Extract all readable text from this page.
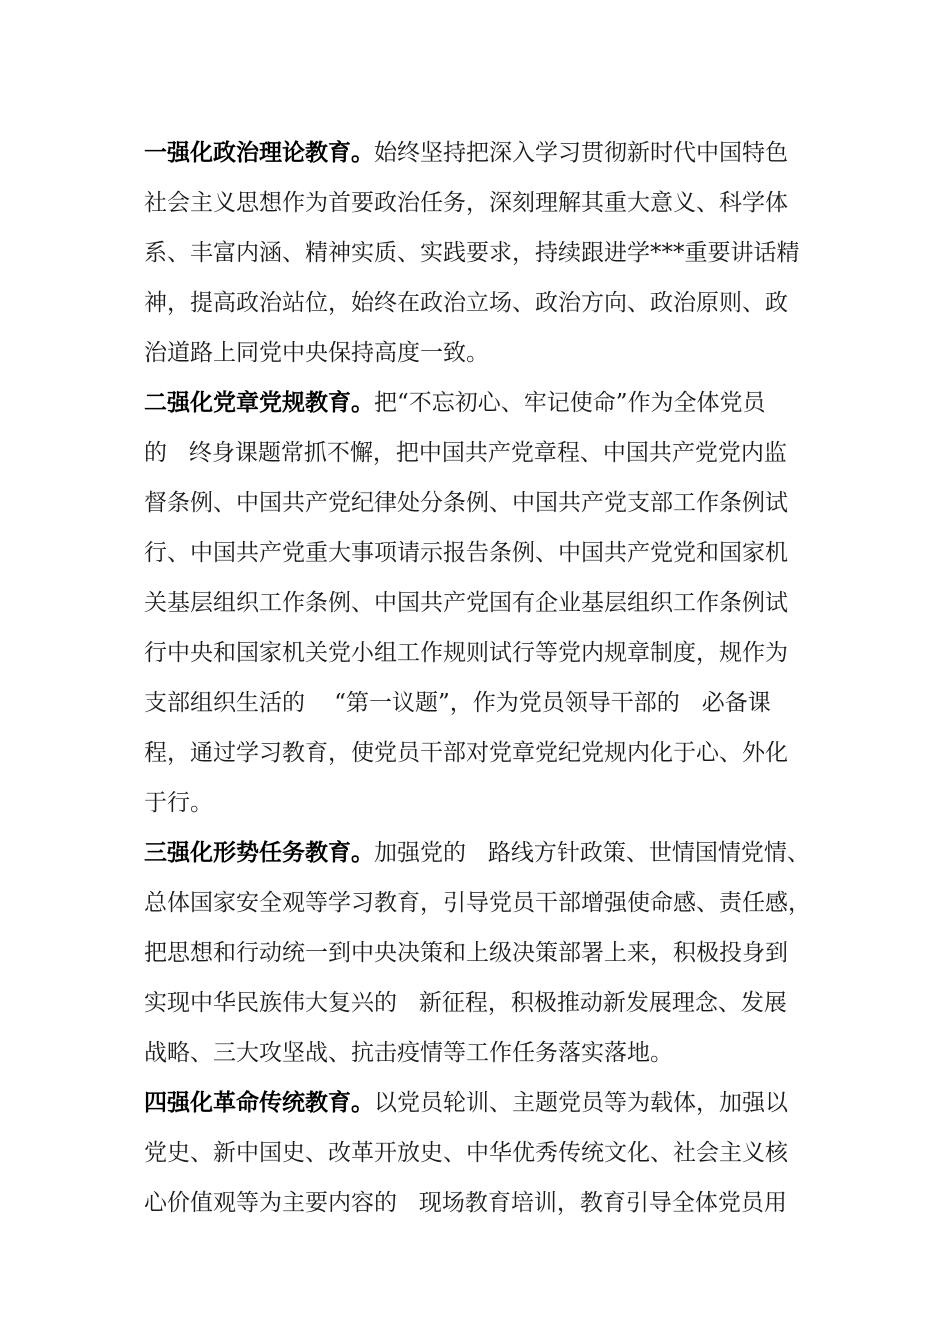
一强化政治理论教育。始终坚持把深入学习贯彻新时代中国特色
社会主义思想作为首要政治任务，深刻理解其重大意义、科学体
系、丰富内涵、精神实质、实践要求，持续跟进学***重要讲话精
神，提高政治站位，始终在政治立场、政治方向、政治原则、政
治道路上同党中央保持高度一致。
二强化党章党规教育。把“不忘初心、牢记使命”作为全体党员
的   终身课题常抓不懈，把中国共产党章程、中国共产党党内监
督条例、中国共产党纪律处分条例、中国共产党支部工作条例试
行、中国共产党重大事项请示报告条例、中国共产党党和国家机
关基层组织工作条例、中国共产党国有企业基层组织工作条例试
行中央和国家机关党小组工作规则试行等党内规章制度，规作为
支部组织生活的    “第一议题”，作为党员领导干部的   必备课
程，通过学习教育，使党员干部对党章党纪党规内化于心、外化
于行。
三强化形势任务教育。加强党的   路线方针政策、世情国情党情、
总体国家安全观等学习教育，引导党员干部增强使命感、责任感，
把思想和行动统一到中央决策和上级决策部署上来，积极投身到
实现中华民族伟大复兴的   新征程，积极推动新发展理念、发展
战略、三大攻坚战、抗击疫情等工作任务落实落地。
四强化革命传统教育。以党员轮训、主题党员等为载体，加强以
党史、新中国史、改革开放史、中华优秀传统文化、社会主义核
心价值观等为主要内容的   现场教育培训，教育引导全体党员用
